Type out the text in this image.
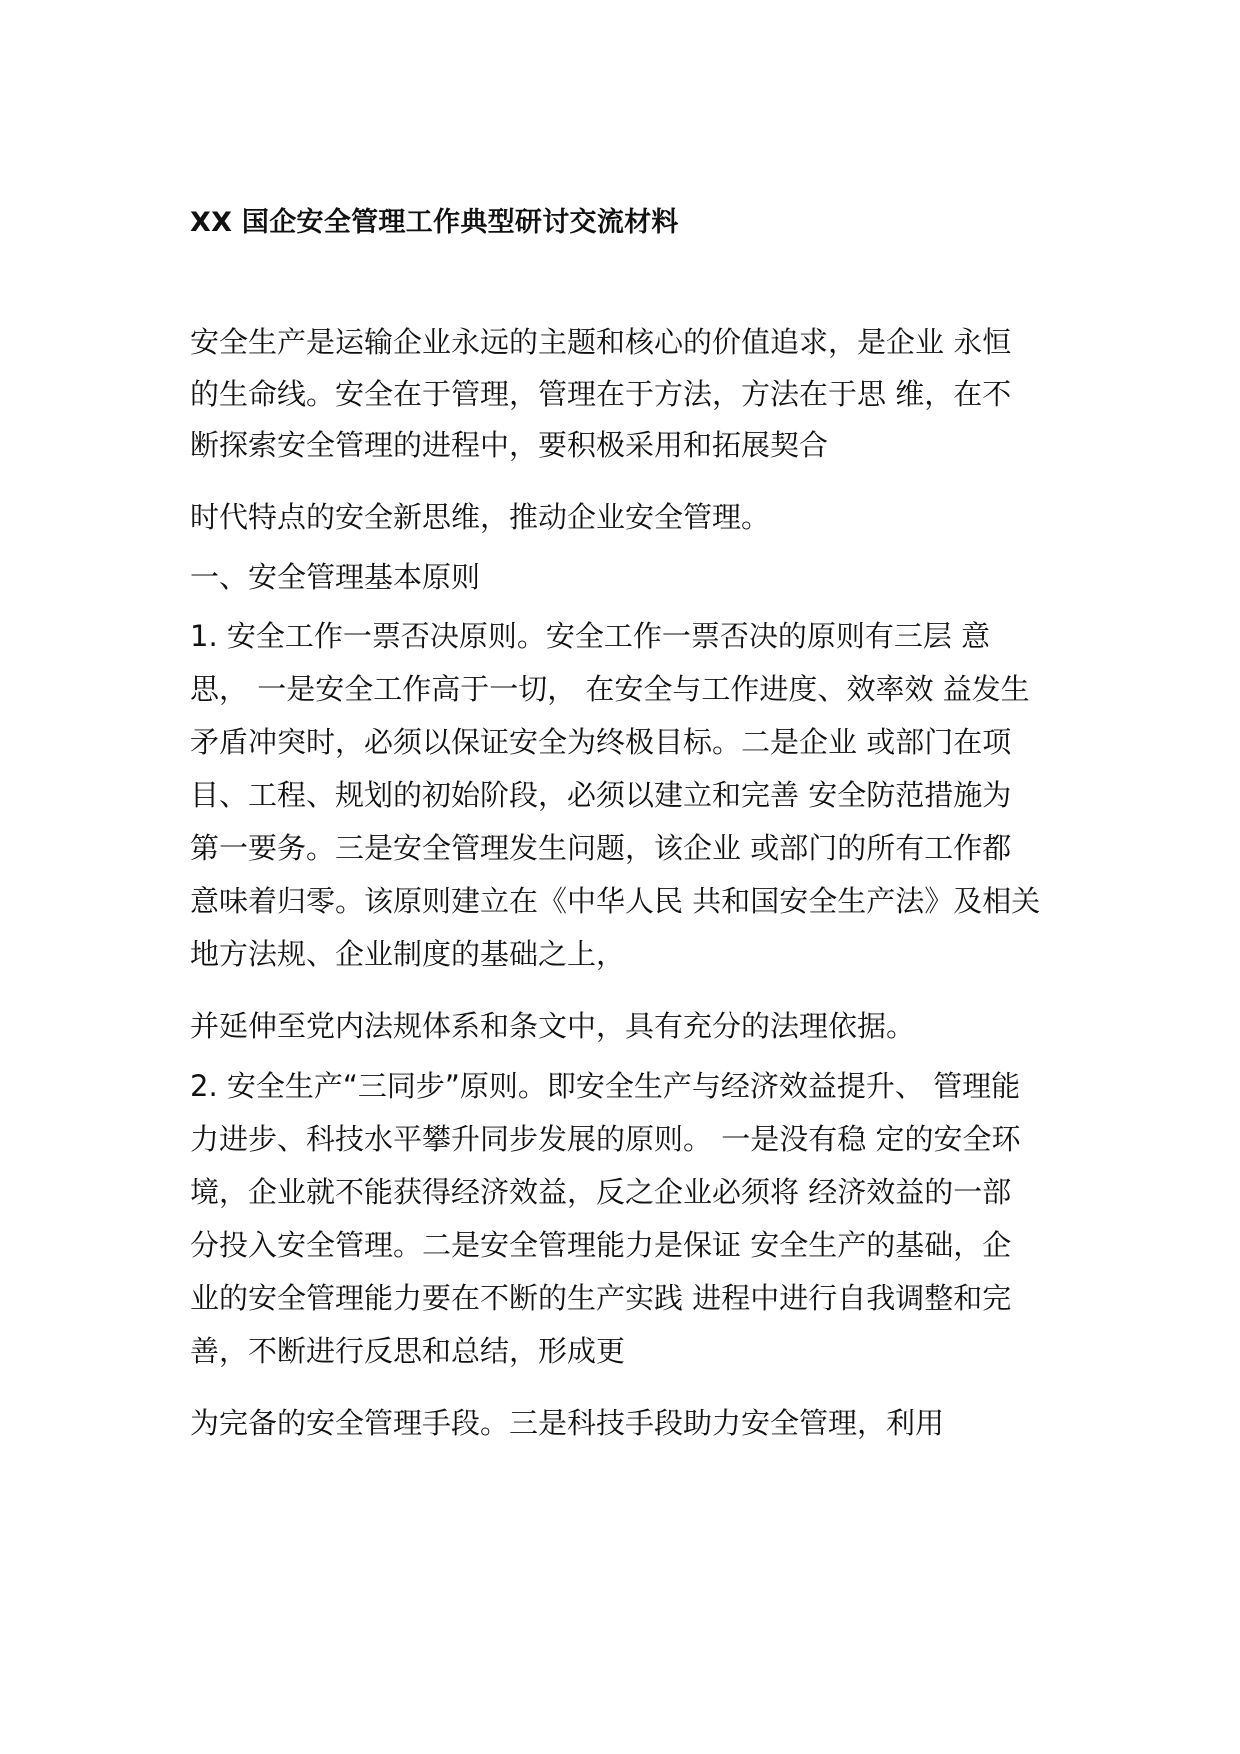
XX 国企安全管理工作典型研讨交流材料
安全生产是运输企业永远的主题和核心的价值追求，是企业 永恒
的生命线。安全在于管理，管理在于方法，方法在于思 维，在不
断探索安全管理的进程中，要积极采用和拓展契合
时代特点的安全新思维，推动企业安全管理。
一、安全管理基本原则
1. 安全工作一票否决原则。安全工作一票否决的原则有三层 意
思， 一是安全工作高于一切， 在安全与工作进度、效率效 益发生
矛盾冲突时，必须以保证安全为终极目标。二是企业 或部门在项
目、工程、规划的初始阶段，必须以建立和完善 安全防范措施为
第一要务。三是安全管理发生问题，该企业 或部门的所有工作都
意味着归零。该原则建立在《中华人民 共和国安全生产法》及相关
地方法规、企业制度的基础之上，
并延伸至党内法规体系和条文中，具有充分的法理依据。
2. 安全生产“三同步”原则。即安全生产与经济效益提升、 管理能
力进步、科技水平攀升同步发展的原则。 一是没有稳 定的安全环
境，企业就不能获得经济效益，反之企业必须将 经济效益的一部
分投入安全管理。二是安全管理能力是保证 安全生产的基础，企
业的安全管理能力要在不断的生产实践 进程中进行自我调整和完
善，不断进行反思和总结，形成更
为完备的安全管理手段。三是科技手段助力安全管理，利用
